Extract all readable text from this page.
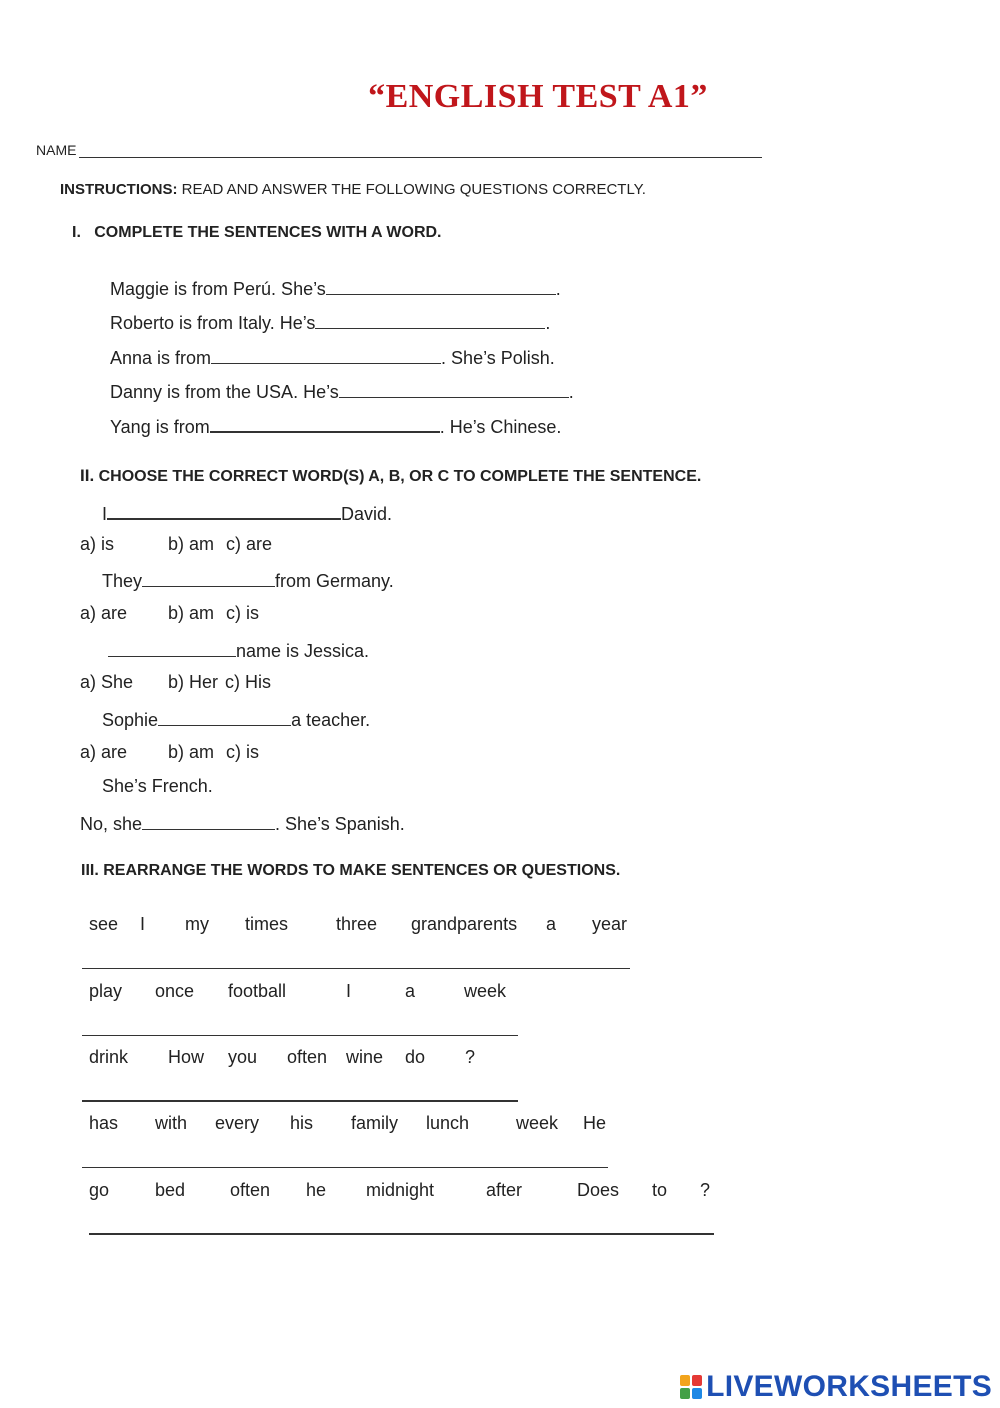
“ENGLISH TEST A1”
NAME
INSTRUCTIONS: READ AND ANSWER THE FOLLOWING QUESTIONS CORRECTLY.
I. COMPLETE THE SENTENCES WITH A WORD.
Maggie is from Perú. She’s	.
Roberto is from Italy. He’s	.
Anna is from	. She’s Polish.
Danny is from the USA. He’s	.
Yang is from	. He’s Chinese.
II. CHOOSE THE CORRECT WORD(S) A, B, OR C TO COMPLETE THE SENTENCE.
I	David.
a) is	b) am c) are
They	from Germany.
a) are b) am c) is
name is Jessica.
a) She b) Her c) His
Sophie	a teacher.
a) are b) am c) is
She’s French.
No, she	. She’s Spanish.
III. REARRANGE THE WORDS TO MAKE SENTENCES OR QUESTIONS.
see I my times	three grandparents a year
play once football	I	a	week
drink How you often wine do ?
has with every his family lunch	week He
go	bed often he midnight	after	Does to ?
LIVEWORKSHEETS
